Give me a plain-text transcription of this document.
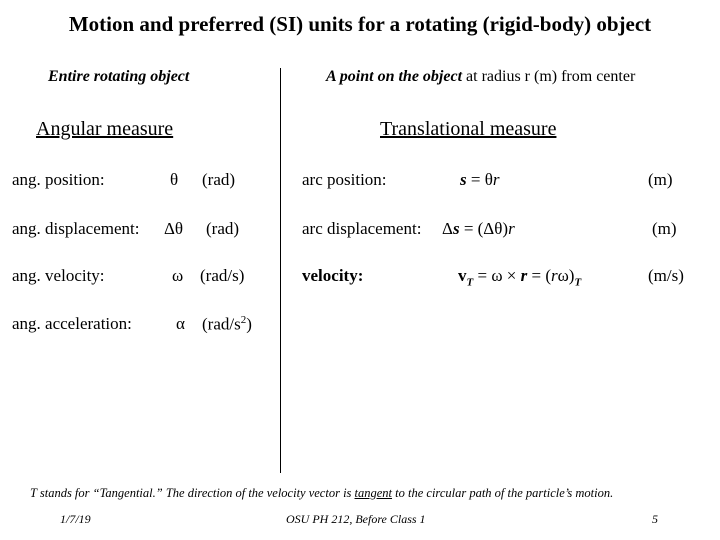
Motion and preferred (SI) units for a rotating (rigid-body) object
Entire rotating object	A point on the object at radius r (m) from center
Angular measure	Translational measure
ang. position:	θ (rad)	arc position:	s = θr	(m)
ang. displacement: Δθ (rad)	arc displacement: Δs = (Δθ)r	(m)
ang. velocity:	ω (rad/s)	velocity:	$v_T = \omega \times r = (r\omega)_T$	(m/s)
ang. acceleration:	α $(rad/s^2)$
T stands for “Tangential.” The direction of the velocity vector is tangent to the circular path of the particle’s motion.
1/7/19	OSU PH 212, Before Class 1	5
